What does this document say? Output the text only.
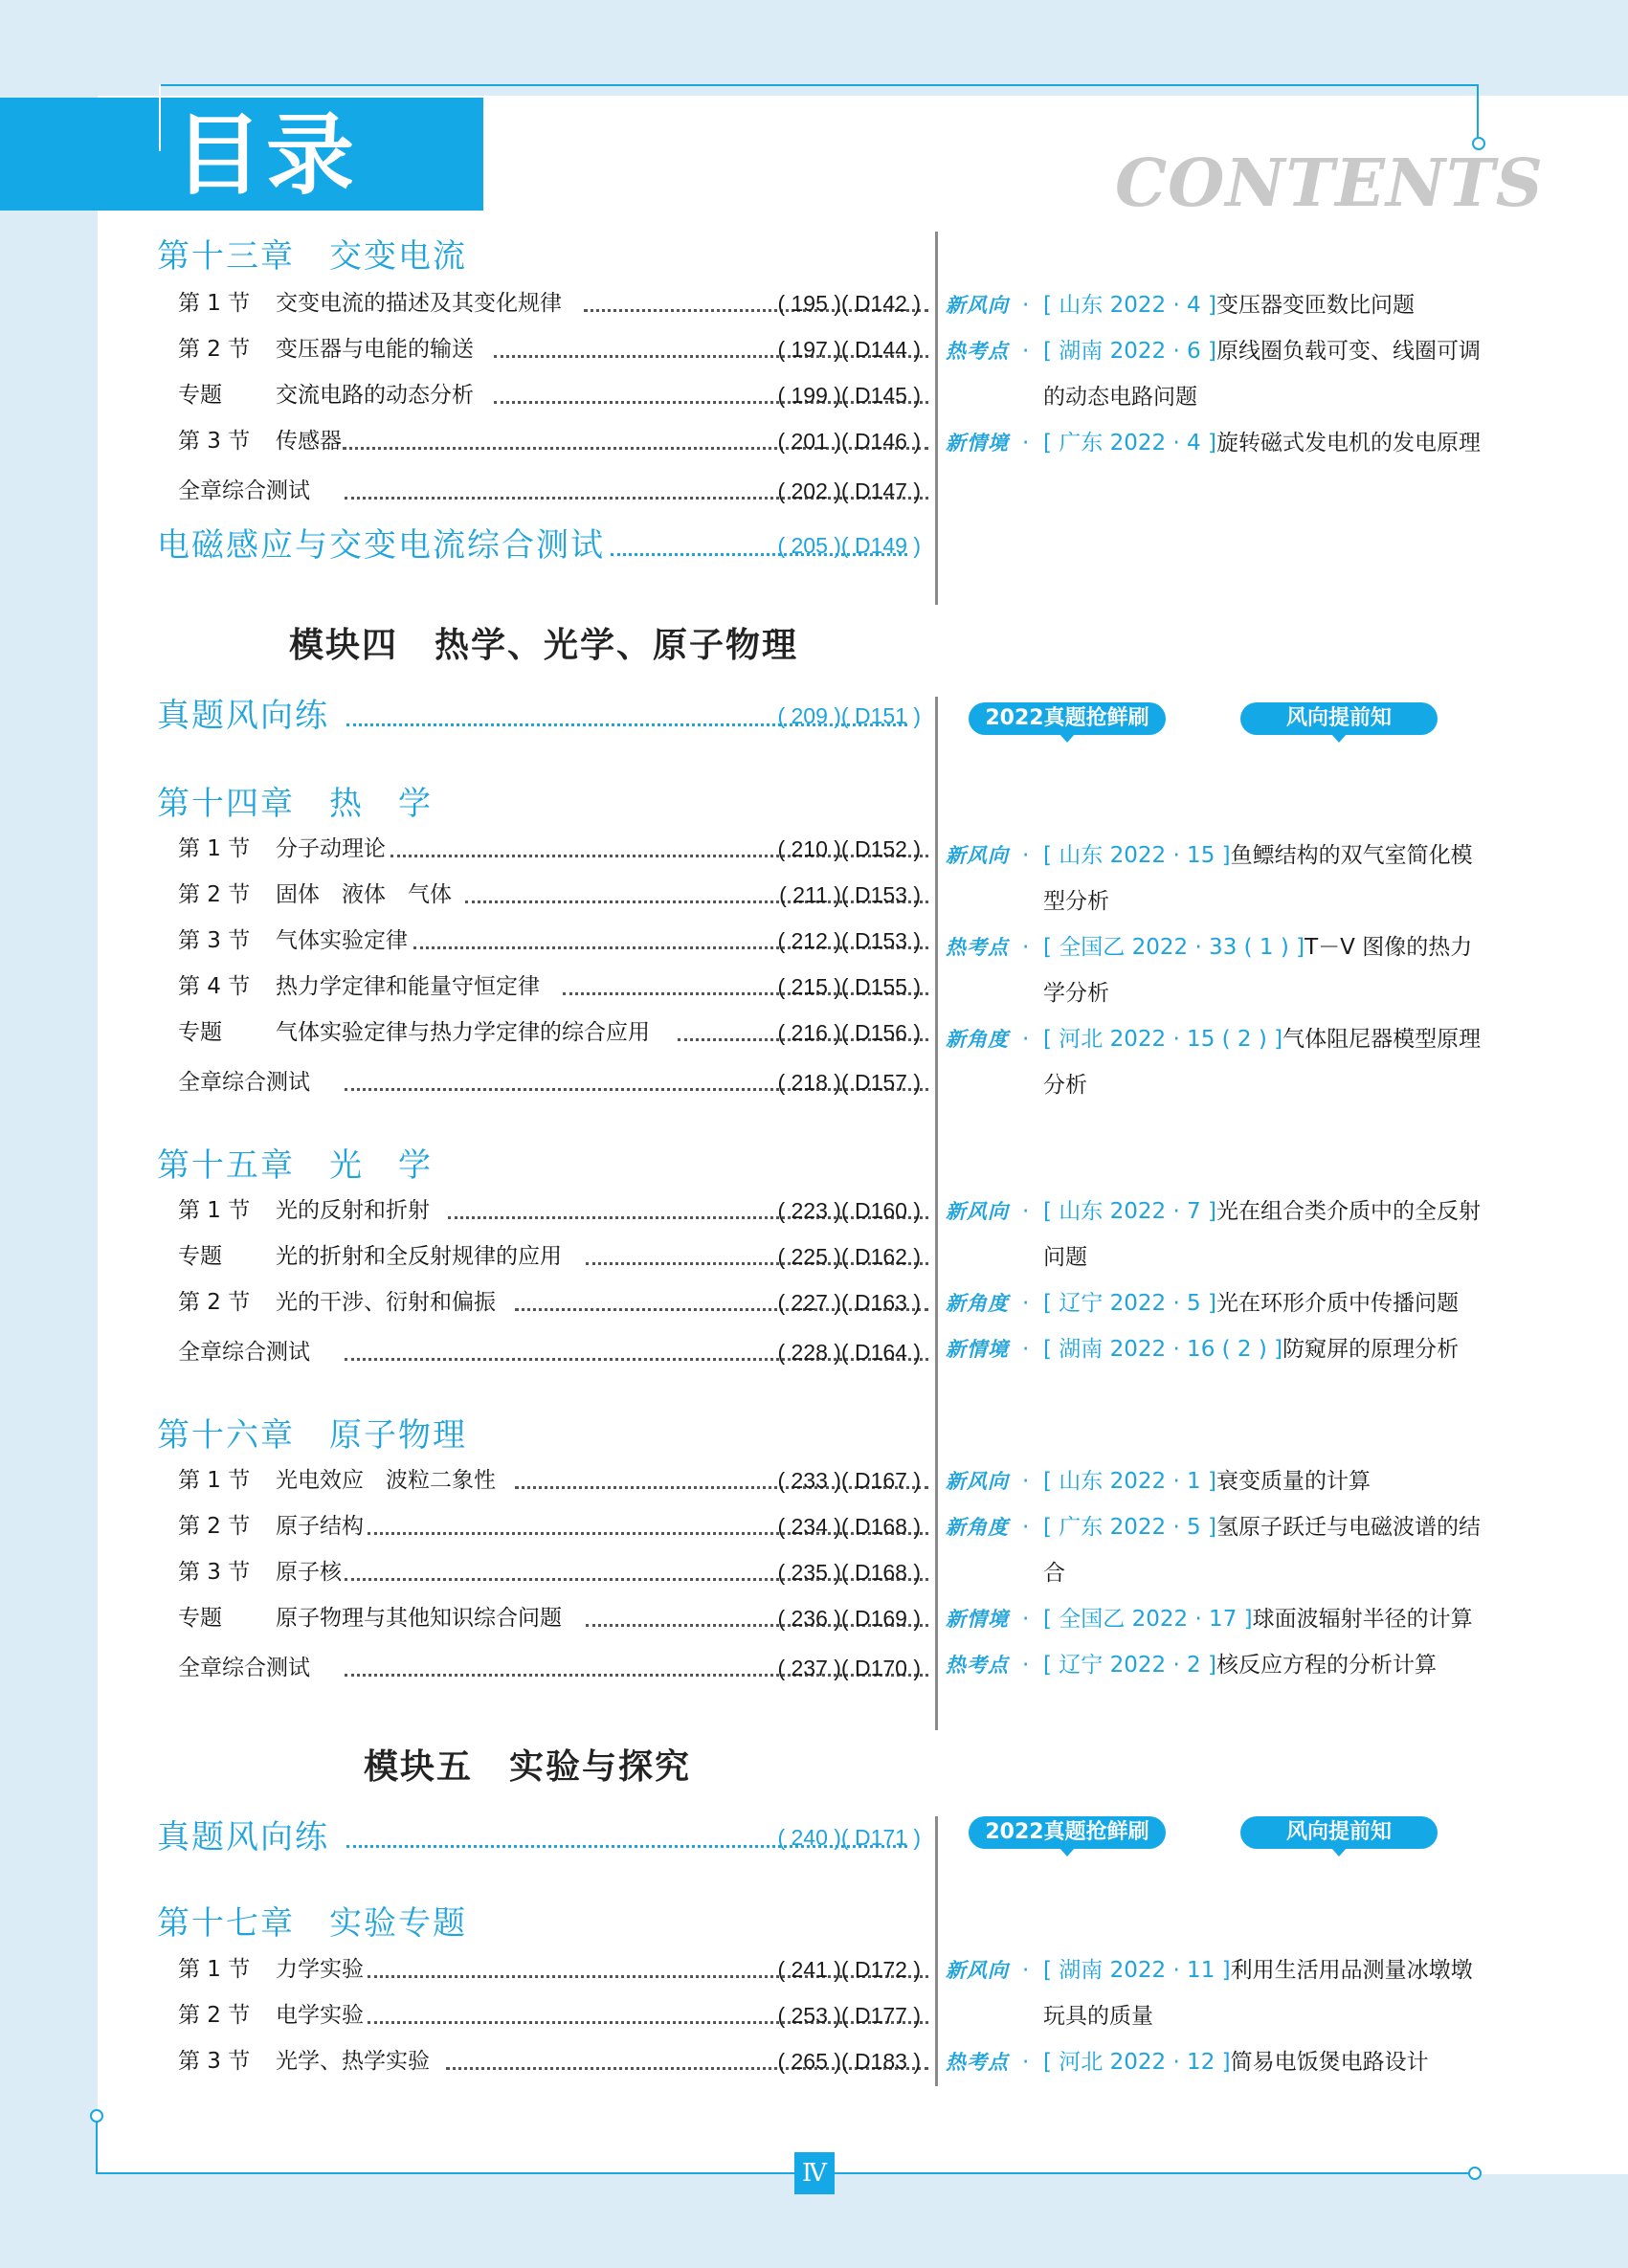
目录	CONTENTS
第十三章　交变电流
第 1 节 交变电流的描述及其变化规律	( 195 )( D142 )
第 2 节 变压器与电能的输送	( 197 )( D144 )
专题 交流电路的动态分析	( 199 )( D145 )
第 3 节 传感器	( 201 )( D146 )
全章综合测试	( 202 )( D147 )
电磁感应与交变电流综合测试	( 205 )( D149 )
新风向 · [ 山东 2022 · 4 ]变压器变匝数比问题
热考点 · [ 湖南 2022 · 6 ]原线圈负载可变、线圈可调的动态电路问题
新情境 · [ 广东 2022 · 4 ]旋转磁式发电机的发电原理
模块四　热学、光学、原子物理
真题风向练	( 209 )( D151 )	2022真题抢鲜刷	风向提前知
第十四章　热　学
第 1 节 分子动理论	( 210 )( D152 )
第 2 节 固体　液体　气体	( 211 )( D153 )
第 3 节 气体实验定律	( 212 )( D153 )
第 4 节 热力学定律和能量守恒定律	( 215 )( D155 )
专题 气体实验定律与热力学定律的综合应用	( 216 )( D156 )
全章综合测试	( 218 )( D157 )
新风向 · [ 山东 2022 · 15 ]鱼鳔结构的双气室简化模型分析
热考点 · [ 全国乙 2022 · 33 ( 1 ) ]T－V 图像的热力学分析
新角度 · [ 河北 2022 · 15 ( 2 ) ]气体阻尼器模型原理分析
第十五章　光　学
第 1 节 光的反射和折射	( 223 )( D160 )
专题 光的折射和全反射规律的应用	( 225 )( D162 )
第 2 节 光的干涉、衍射和偏振	( 227 )( D163 )
全章综合测试	( 228 )( D164 )
新风向 · [ 山东 2022 · 7 ]光在组合类介质中的全反射问题
新角度 · [ 辽宁 2022 · 5 ]光在环形介质中传播问题
新情境 · [ 湖南 2022 · 16 ( 2 ) ]防窥屏的原理分析
第十六章　原子物理
第 1 节 光电效应　波粒二象性	( 233 )( D167 )
第 2 节 原子结构	( 234 )( D168 )
第 3 节 原子核	( 235 )( D168 )
专题 原子物理与其他知识综合问题	( 236 )( D169 )
全章综合测试	( 237 )( D170 )
新风向 · [ 山东 2022 · 1 ]衰变质量的计算
新角度 · [ 广东 2022 · 5 ]氢原子跃迁与电磁波谱的结合
新情境 · [ 全国乙 2022 · 17 ]球面波辐射半径的计算
热考点 · [ 辽宁 2022 · 2 ]核反应方程的分析计算
模块五　实验与探究
真题风向练	( 240 )( D171 )	2022真题抢鲜刷	风向提前知
第十七章　实验专题
第 1 节 力学实验	( 241 )( D172 )
第 2 节 电学实验	( 253 )( D177 )
第 3 节 光学、热学实验	( 265 )( D183 )
新风向 · [ 湖南 2022 · 11 ]利用生活用品测量冰墩墩玩具的质量
热考点 · [ 河北 2022 · 12 ]简易电饭煲电路设计
Ⅳ
